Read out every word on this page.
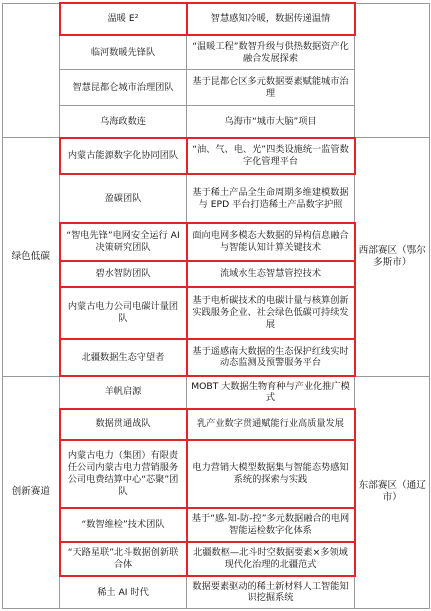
	温暖 E²	智慧感知冷暖，数据传递温情	
	临河数暖先锋队	“温暖工程”数智升级与供热数据资产化融合发展探索	
	智慧昆都仑城市治理团队	基于昆都仑区多元数据要素赋能城市治理	
	乌海政数连	乌海市“城市大脑”项目	
绿色低碳	内蒙古能源数字化协同团队	“油、气、电、光”四类设施统一监管数字化管理平台	西部赛区（鄂尔多斯市）
	盈碳团队	基于稀土产品全生命周期多维建模数据与 EPD 平台打造稀土产品数字护照	
	“智电先锋”电网安全运行 AI 决策研究团队	面向电网多模态大数据的异构信息融合与智能认知计算关键技术	
	碧水智防团队	流域水生态智慧管控技术	
	内蒙古电力公司电碳计量团队	基于电析碳技术的电碳计量与核算创新实践服务企业、社会绿色低碳可持续发展	
	北疆数据生态守望者	基于遥感南大数据的生态保护红线实时动态监测及预警服务平台	
创新赛道	羊帆启源	MOBT 大数据生物育种与产业化推广模式	东部赛区（通辽市）
	数据贯通战队	乳产业数字贯通赋能行业高质量发展	
	内蒙古电力（集团）有限责任公司内蒙古电力营销服务公司电费结算中心“芯聚”团队	电力营销大模型数据集与智能态势感知系统的探索与实践	
	“数智维检”技术团队	基于“感-知-防-控”多元数据融合的电网智能运检数字化体系	
	“天路星联”北斗数据创新联合体	北疆数枢—北斗时空数据要素×多领域现代化治理的北疆范式	
	稀土 AI 时代	数据要素驱动的稀土新材料人工智能知识挖掘系统	
